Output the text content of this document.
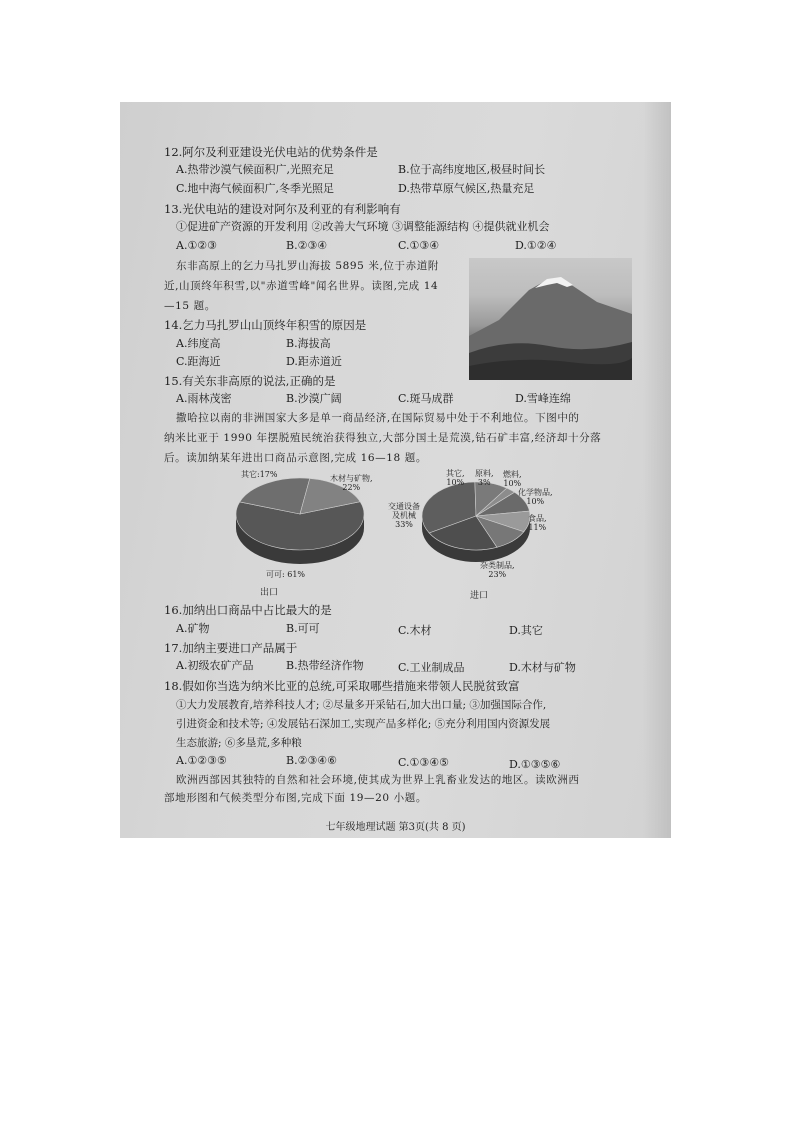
12.阿尔及利亚建设光伏电站的优势条件是
A.热带沙漠气候面积广,光照充足	B.位于高纬度地区,极昼时间长
C.地中海气候面积广,冬季光照足	D.热带草原气候区,热量充足
13.光伏电站的建设对阿尔及利亚的有利影响有
①促进矿产资源的开发利用 ②改善大气环境 ③调整能源结构 ④提供就业机会
A.①②③	B.②③④	C.①③④	D.①②④
东非高原上的乞力马扎罗山海拔 5895 米,位于赤道附
近,山顶终年积雪,以"赤道雪峰"闻名世界。读图,完成 14
—15 题。
14.乞力马扎罗山山顶终年积雪的原因是
A.纬度高	B.海拔高
C.距海近	D.距赤道近
15.有关东非高原的说法,正确的是
A.雨林茂密	B.沙漠广阔	C.斑马成群	D.雪峰连绵
撒哈拉以南的非洲国家大多是单一商品经济,在国际贸易中处于不利地位。下图中的
纳米比亚于 1990 年摆脱殖民统治获得独立,大部分国土是荒漠,钻石矿丰富,经济却十分落
后。读加纳某年进出口商品示意图,完成 16—18 题。
其它:17%	木材与矿物,
22%
可可: 61%
出口
其它,
10%
原料,
3%
燃料,
10%
化学物品,
10%
交通设备
及机械
33%
食品,
11%
杂类制品,
23%
进口
16.加纳出口商品中占比最大的是
A.矿物	B.可可	C.木材	D.其它
17.加纳主要进口产品属于
A.初级农矿产品	B.热带经济作物	C.工业制成品	D.木材与矿物
18.假如你当选为纳米比亚的总统,可采取哪些措施来带领人民脱贫致富
①大力发展教育,培养科技人才; ②尽量多开采钻石,加大出口量; ③加强国际合作,
引进资金和技术等; ④发展钻石深加工,实现产品多样化; ⑤充分利用国内资源发展
生态旅游; ⑥多垦荒,多种粮
A.①②③⑤	B.②③④⑥	C.①③④⑤	D.①③⑤⑥
欧洲西部因其独特的自然和社会环境,使其成为世界上乳畜业发达的地区。读欧洲西
部地形图和气候类型分布图,完成下面 19—20 小题。
七年级地理试题 第3页(共 8 页)
